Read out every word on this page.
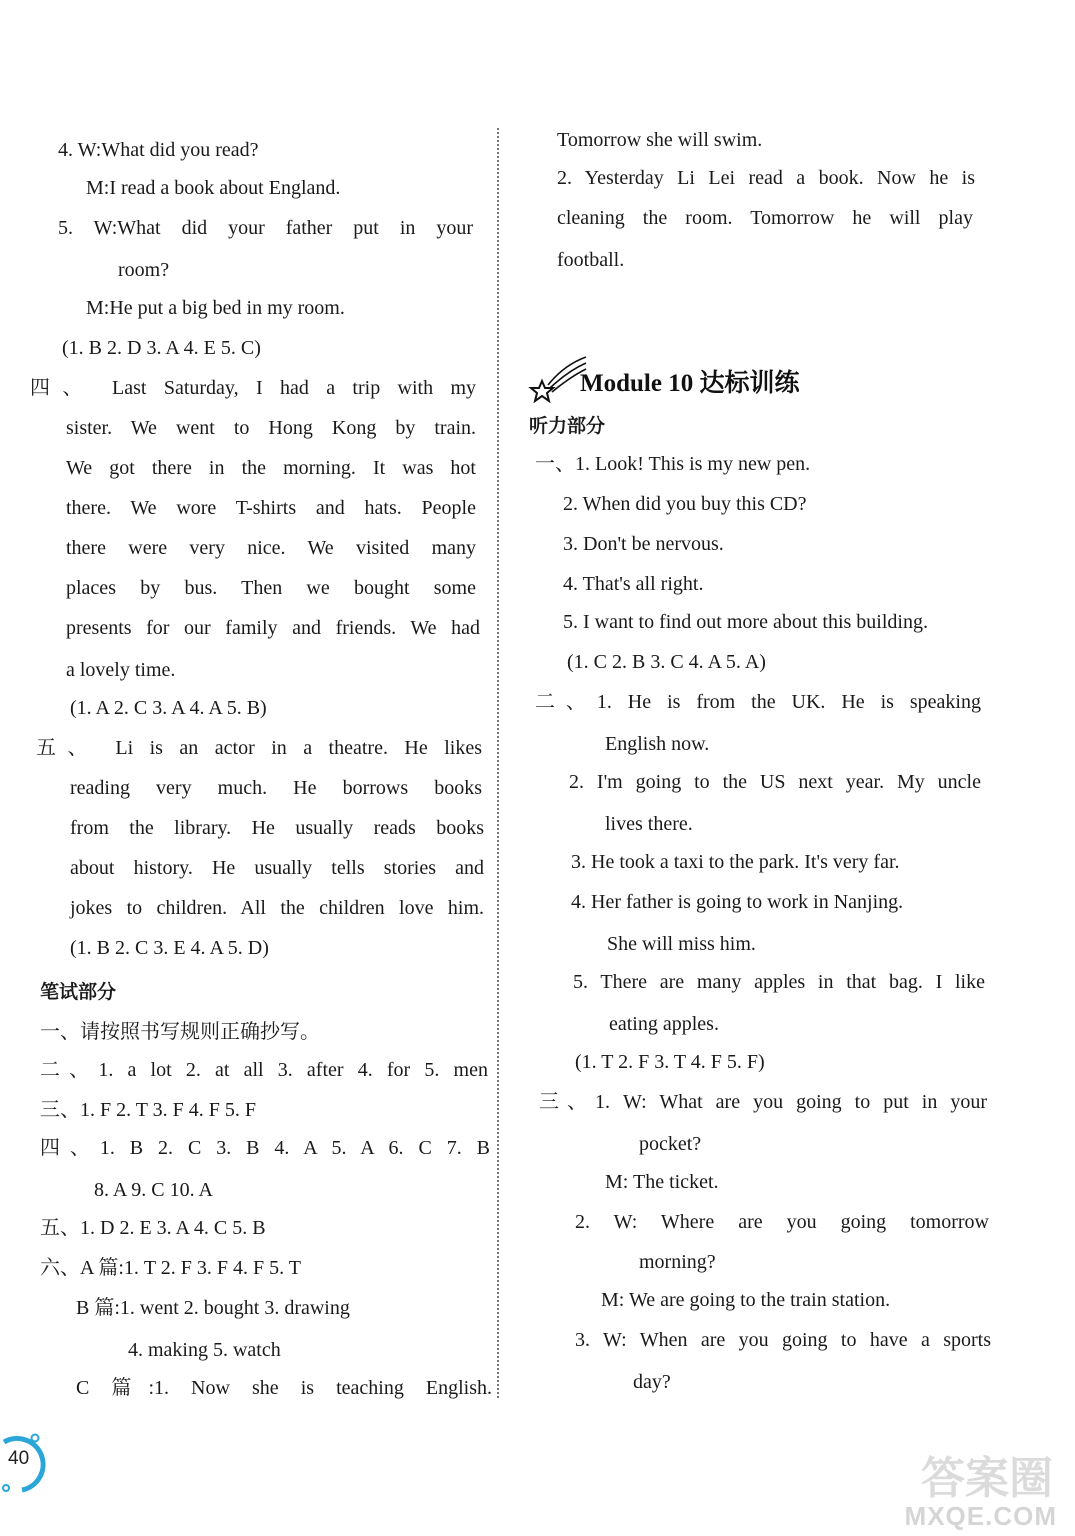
4. W:What did you read?
M:I read a book about England.
5. W:What did your father put in your
room?
M:He put a big bed in my room.
(1. B 2. D 3. A 4. E 5. C)
四、 Last Saturday, I had a trip with my
sister. We went to Hong Kong by train.
We got there in the morning. It was hot
there. We wore T-shirts and hats. People
there were very nice. We visited many
places by bus. Then we bought some
presents for our family and friends. We had
a lovely time.
(1. A 2. C 3. A 4. A 5. B)
五、 Li is an actor in a theatre. He likes
reading very much. He borrows books
from the library. He usually reads books
about history. He usually tells stories and
jokes to children. All the children love him.
(1. B 2. C 3. E 4. A 5. D)
笔试部分
一、请按照书写规则正确抄写。
二、1. a lot 2. at all 3. after 4. for 5. men
三、1. F 2. T 3. F 4. F 5. F
四、1. B 2. C 3. B 4. A 5. A 6. C 7. B
8. A 9. C 10. A
五、1. D 2. E 3. A 4. C 5. B
六、A 篇:1. T 2. F 3. F 4. F 5. T
B 篇:1. went 2. bought 3. drawing
4. making 5. watch
C 篇:1. Now she is teaching English.
Tomorrow she will swim.
2. Yesterday Li Lei read a book. Now he is
cleaning the room. Tomorrow he will play
football.
听力部分
一、1. Look! This is my new pen.
2. When did you buy this CD?
3. Don't be nervous.
4. That's all right.
5. I want to find out more about this building.
(1. C 2. B 3. C 4. A 5. A)
二、1. He is from the UK. He is speaking
English now.
2. I'm going to the US next year. My uncle
lives there.
3. He took a taxi to the park. It's very far.
4. Her father is going to work in Nanjing.
She will miss him.
5. There are many apples in that bag. I like
eating apples.
(1. T 2. F 3. T 4. F 5. F)
三、1. W: What are you going to put in your
pocket?
M: The ticket.
2. W: Where are you going tomorrow
morning?
M: We are going to the train station.
3. W: When are you going to have a sports
day?
Module 10 达标训练
40	答案圈
MXQE.COM
